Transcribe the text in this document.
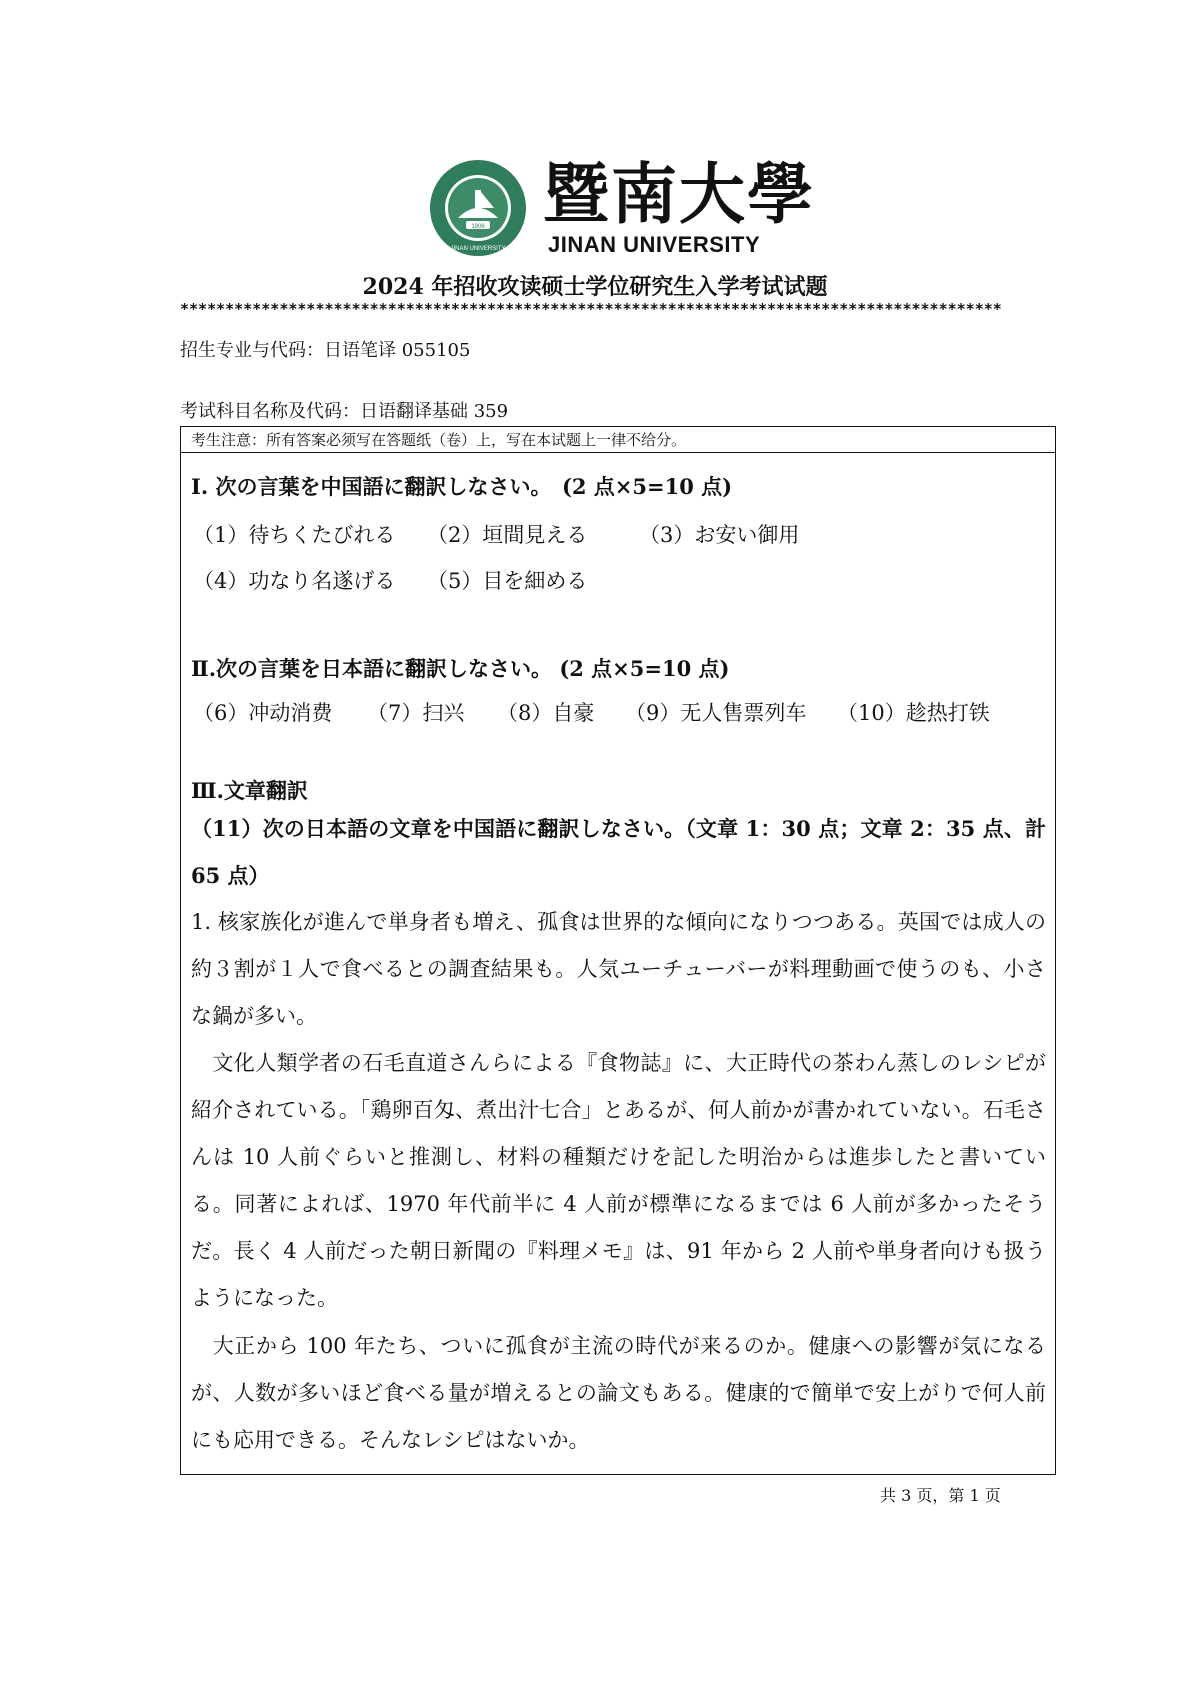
1906
JINAN UNIVERSITY
暨南大學
JINAN UNIVERSITY
2024 年招收攻读硕士学位研究生入学考试试题
*******************************************************************************************
招生专业与代码：日语笔译 055105
考试科目名称及代码：日语翻译基础 359
考生注意：所有答案必须写在答题纸（卷）上，写在本试题上一律不给分。
I. 次の言葉を中国語に翻訳しなさい。　(2 点×5=10 点)
（1）待ちくたびれる （2）垣間見える （3）お安い御用
（4）功なり名遂げる （5）目を細める
Ⅱ.次の言葉を日本語に翻訳しなさい。 (2 点×5=10 点)
（6）冲动消费 （7）扫兴 （8）自豪 （9）无人售票列车 （10）趁热打铁
Ⅲ.文章翻訳
（11）次の日本語の文章を中国語に翻訳しなさい。（文章 1：30 点；文章 2：35 点、計 65 点）
1. 核家族化が進んで単身者も増え、孤食は世界的な傾向になりつつある。英国では成人の約３割が１人で食べるとの調査結果も。人気ユーチューバーが料理動画で使うのも、小さな鍋が多い。
　文化人類学者の石毛直道さんらによる『食物誌』に、大正時代の茶わん蒸しのレシピが紹介されている。「鶏卵百匁、煮出汁七合」とあるが、何人前かが書かれていない。石毛さんは 10 人前ぐらいと推測し、材料の種類だけを記した明治からは進歩したと書いている。同著によれば、1970 年代前半に 4 人前が標準になるまでは 6 人前が多かったそうだ。長く 4 人前だった朝日新聞の『料理メモ』は、91 年から 2 人前や単身者向けも扱うようになった。
　大正から 100 年たち、ついに孤食が主流の時代が来るのか。健康への影響が気になるが、人数が多いほど食べる量が増えるとの論文もある。健康的で簡単で安上がりで何人前にも応用できる。そんなレシピはないか。
共 3 页，第 1 页
